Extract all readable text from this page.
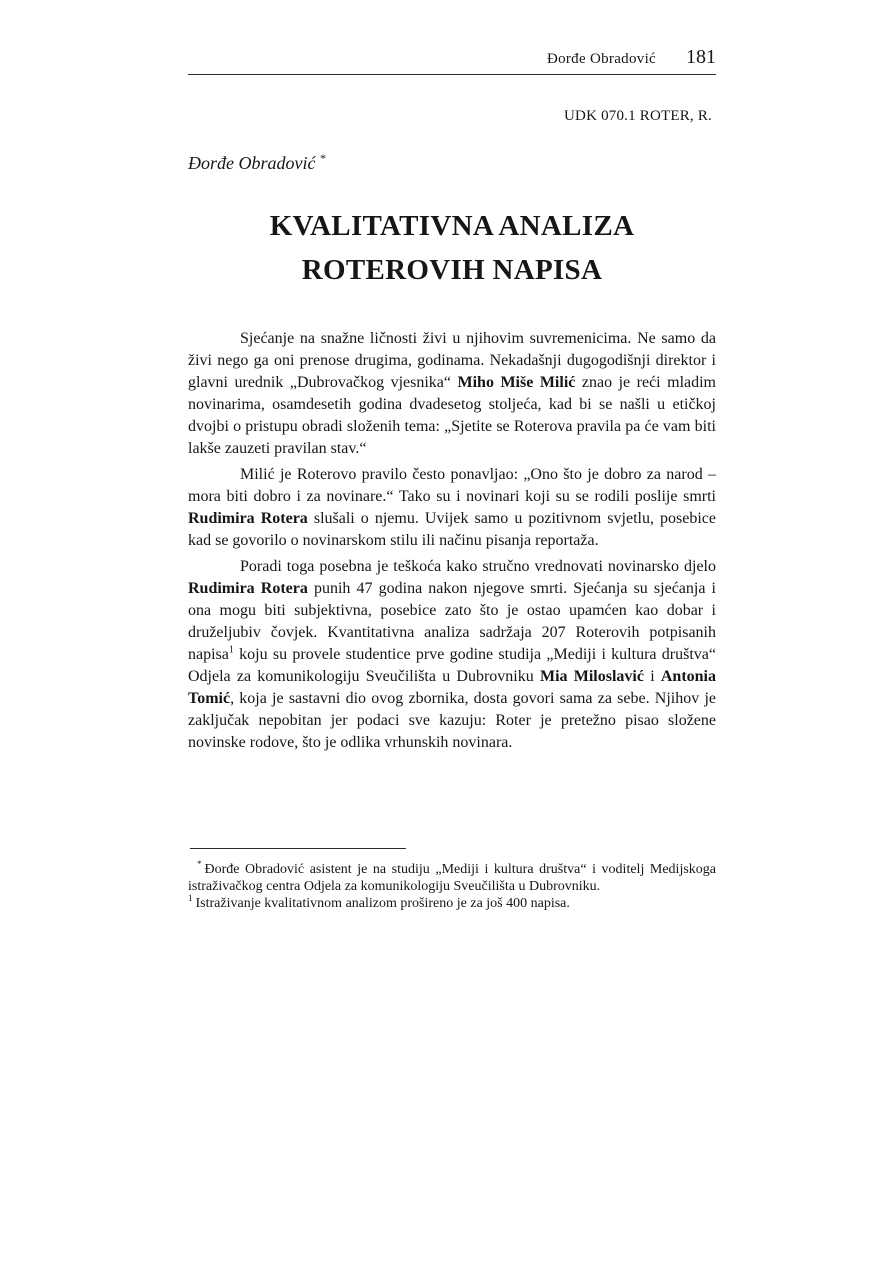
Đorđe Obradović 181
UDK 070.1 ROTER, R.
Đorđe Obradović *
KVALITATIVNA ANALIZA
ROTEROVIH NAPISA

Sjećanje na snažne ličnosti živi u njihovim suvremenicima. Ne samo da živi nego ga oni prenose drugima, godinama. Nekadašnji dugogodišnji direktor i glavni urednik „Dubrovačkog vjesnika“ Miho Miše Milić znao je reći mladim novinarima, osamdesetih godina dvadesetog stoljeća, kad bi se našli u etičkoj dvojbi o pristupu obradi složenih tema: „Sjetite se Roterova pravila pa će vam biti lakše zauzeti pravilan stav.“

Milić je Roterovo pravilo često ponavljao: „Ono što je dobro za narod – mora biti dobro i za novinare.“ Tako su i novinari koji su se rodili poslije smrti Rudimira Rotera slušali o njemu. Uvijek samo u pozitivnom svjetlu, posebice kad se govorilo o novinarskom stilu ili načinu pisanja reportaža.

Poradi toga posebna je teškoća kako stručno vrednovati novinarsko djelo Rudimira Rotera punih 47 godina nakon njegove smrti. Sjećanja su sjećanja i ona mogu biti subjektivna, posebice zato što je ostao upamćen kao dobar i druželjubiv čovjek. Kvantitativna analiza sadržaja 207 Roterovih potpisanih napisa$^1$ koju su provele studentice prve godine studija „Mediji i kultura društva“ Odjela za komunikologiju Sveučilišta u Dubrovniku Mia Miloslavić i Antonia Tomić, koja je sastavni dio ovog zbornika, dosta govori sama za sebe. Njihov je zaključak nepobitan jer podaci sve kazuju: Roter je pretežno pisao složene novinske rodove, što je odlika vrhunskih novinara.

* Đorđe Obradović asistent je na studiju „Mediji i kultura društva“ i voditelj Medijskoga istraživačkog centra Odjela za komunikologiju Sveučilišta u Dubrovniku.

$^1$ Istraživanje kvalitativnom analizom prošireno je za još 400 napisa.
